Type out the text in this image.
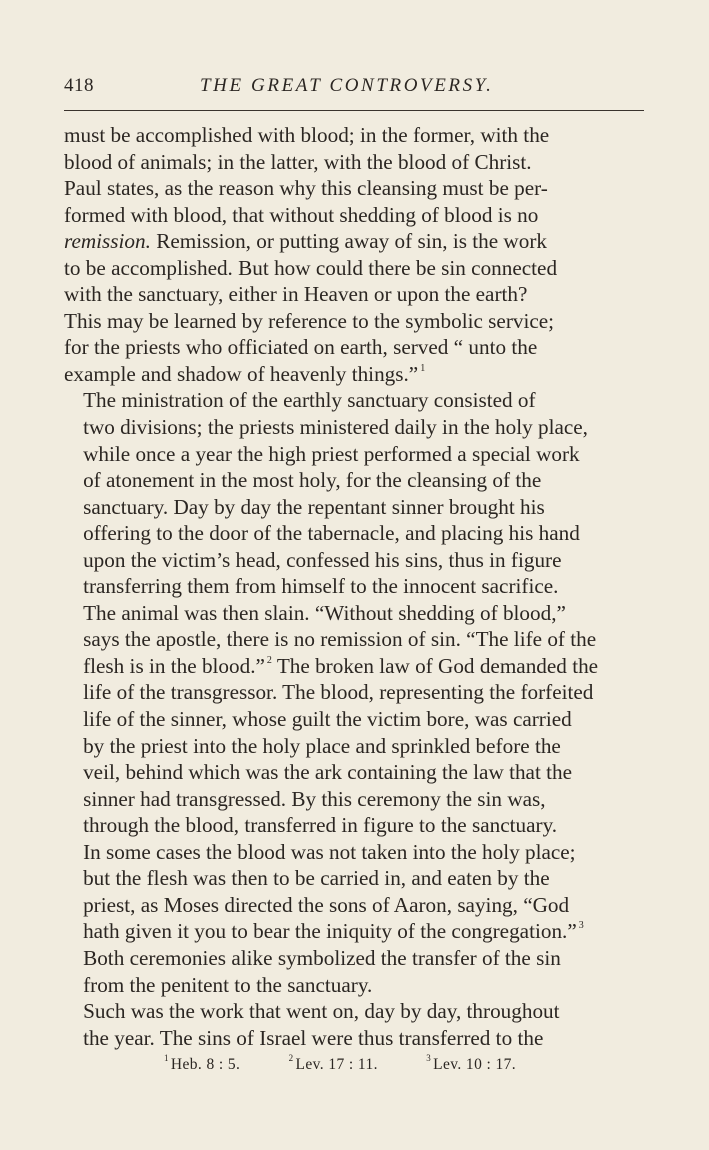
418	THE GREAT CONTROVERSY.

must be accomplished with blood; in the former, with the
blood of animals; in the latter, with the blood of Christ.
Paul states, as the reason why this cleansing must be per-
formed with blood, that without shedding of blood is no
remission. Remission, or putting away of sin, is the work
to be accomplished. But how could there be sin connected
with the sanctuary, either in Heaven or upon the earth?
This may be learned by reference to the symbolic service;
for the priests who officiated on earth, served “ unto the
example and shadow of heavenly things.” $^1$

The ministration of the earthly sanctuary consisted of
two divisions; the priests ministered daily in the holy place,
while once a year the high priest performed a special work
of atonement in the most holy, for the cleansing of the
sanctuary. Day by day the repentant sinner brought his
offering to the door of the tabernacle, and placing his hand
upon the victim’s head, confessed his sins, thus in figure
transferring them from himself to the innocent sacrifice.
The animal was then slain. “Without shedding of blood,”
says the apostle, there is no remission of sin. “The life of the
flesh is in the blood.” $^2$ The broken law of God demanded the
life of the transgressor. The blood, representing the forfeited
life of the sinner, whose guilt the victim bore, was carried
by the priest into the holy place and sprinkled before the
veil, behind which was the ark containing the law that the
sinner had transgressed. By this ceremony the sin was,
through the blood, transferred in figure to the sanctuary.
In some cases the blood was not taken into the holy place;
but the flesh was then to be carried in, and eaten by the
priest, as Moses directed the sons of Aaron, saying, “God
hath given it you to bear the iniquity of the congregation.” $^3$
Both ceremonies alike symbolized the transfer of the sin
from the penitent to the sanctuary.

Such was the work that went on, day by day, throughout
the year. The sins of Israel were thus transferred to the

$^1$ Heb. 8 : 5.	$^2$ Lev. 17 : 11.	$^3$ Lev. 10 : 17.
